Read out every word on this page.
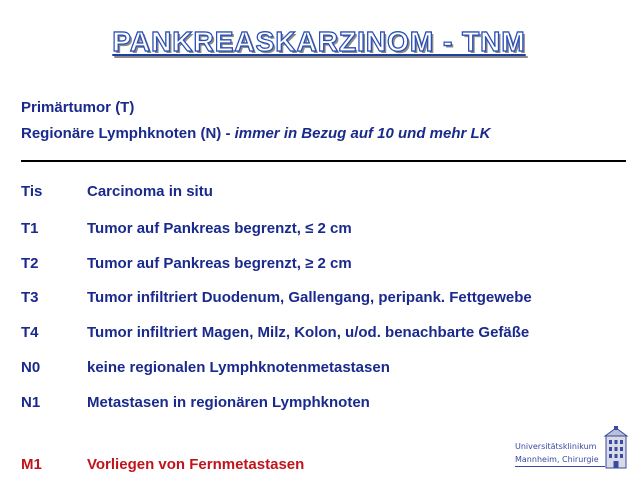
PANKREASKARZINOM - TNM
Primärtumor (T)
Regionäre Lymphknoten (N) - immer in Bezug auf 10 und mehr LK
Tis	Carcinoma in situ
T1	Tumor auf Pankreas begrenzt, ≤ 2 cm
T2	Tumor auf Pankreas begrenzt, ≥ 2 cm
T3	Tumor infiltriert Duodenum, Gallengang, peripank. Fettgewebe
T4	Tumor infiltriert Magen, Milz, Kolon, u/od. benachbarte Gefäße
N0	keine regionalen Lymphknotenmetastasen
N1	Metastasen in regionären Lymphknoten
M1	Vorliegen von Fernmetastasen
Universitätsklinikum
Mannheim, Chirurgie
